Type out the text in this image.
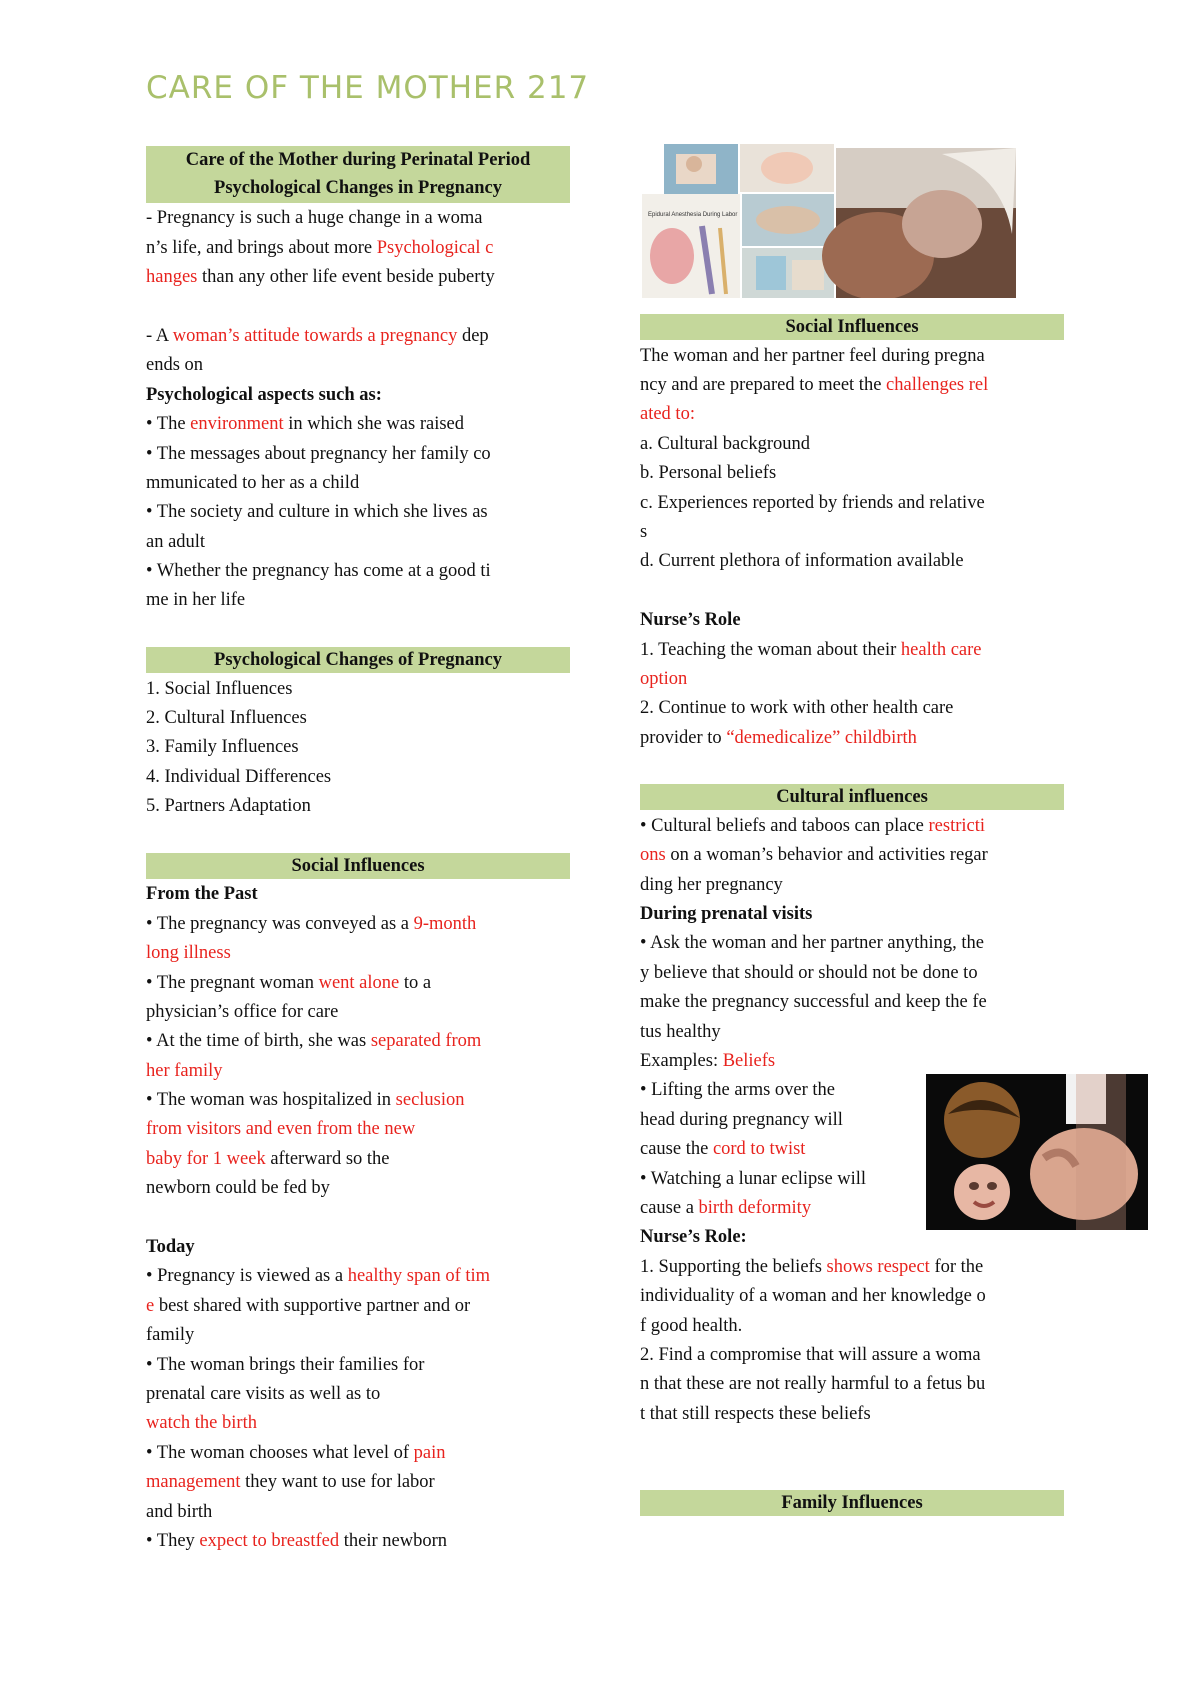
CARE OF THE MOTHER 217
Care of the Mother during Perinatal Period
Psychological Changes in Pregnancy
- Pregnancy is such a huge change in a woma
n’s life, and brings about more Psychological c
hanges than any other life event beside puberty
- A woman’s attitude towards a pregnancy dep
ends on
Psychological aspects such as:
• The environment in which she was raised
• The messages about pregnancy her family co
mmunicated to her as a child
• The society and culture in which she lives as
an adult
• Whether the pregnancy has come at a good ti
me in her life
Psychological Changes of Pregnancy
1. Social Influences
2. Cultural Influences
3. Family Influences
4. Individual Differences
5. Partners Adaptation
Social Influences
From the Past
• The pregnancy was conveyed as a 9-month
long illness
• The pregnant woman went alone to a
physician’s office for care
• At the time of birth, she was separated from
her family
• The woman was hospitalized in seclusion
from visitors and even from the new
baby for 1 week afterward so the
newborn could be fed by
Today
• Pregnancy is viewed as a healthy span of tim
e best shared with supportive partner and or
family
• The woman brings their families for
prenatal care visits as well as to
watch the birth
• The woman chooses what level of pain
management they want to use for labor
and birth
• They expect to breastfed their newborn
Epidural Anesthesia During Labor
Social Influences
The woman and her partner feel during pregna
ncy and are prepared to meet the challenges rel
ated to:
a. Cultural background
b. Personal beliefs
c. Experiences reported by friends and relative
s
d. Current plethora of information available
Nurse’s Role
1. Teaching the woman about their health care
option
2. Continue to work with other health care
provider to “demedicalize” childbirth
Cultural influences
• Cultural beliefs and taboos can place restricti
ons on a woman’s behavior and activities regar
ding her pregnancy
During prenatal visits
• Ask the woman and her partner anything, the
y believe that should or should not be done to
make the pregnancy successful and keep the fe
tus healthy
Examples: Beliefs
• Lifting the arms over the
head during pregnancy will
cause the cord to twist
• Watching a lunar eclipse will
cause a birth deformity
Nurse’s Role:
1. Supporting the beliefs shows respect for the
individuality of a woman and her knowledge o
f good health.
2. Find a compromise that will assure a woma
n that these are not really harmful to a fetus bu
t that still respects these beliefs
Family Influences
